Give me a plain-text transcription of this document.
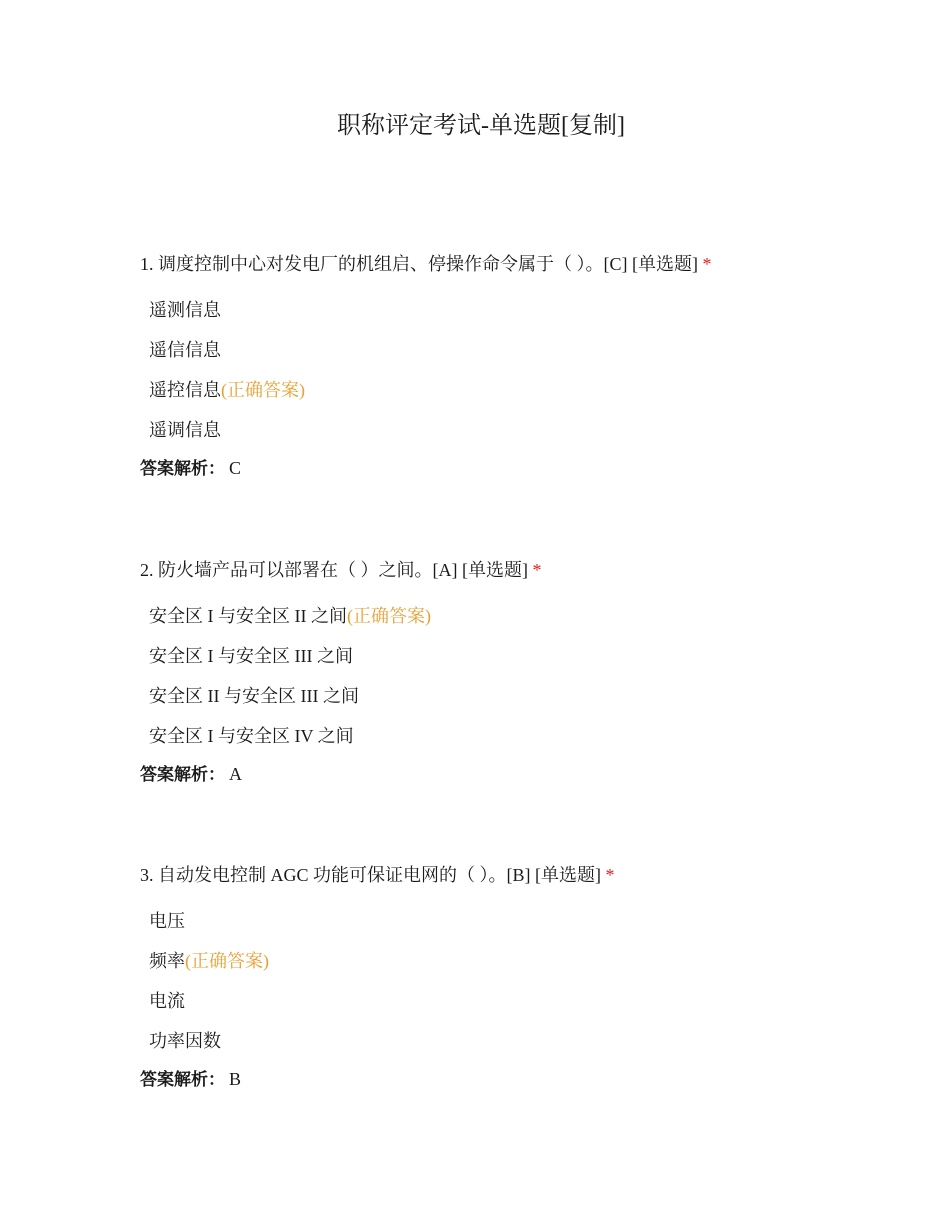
职称评定考试-单选题[复制]
1. 调度控制中心对发电厂的机组启、停操作命令属于（ ）。[C] [单选题] *
遥测信息
遥信信息
遥控信息(正确答案)
遥调信息
答案解析： C
2. 防火墙产品可以部署在（ ）之间。[A] [单选题] *
安全区 I 与安全区 II 之间(正确答案)
安全区 I 与安全区 III 之间
安全区 II 与安全区 III 之间
安全区 I 与安全区 IV 之间
答案解析： A
3. 自动发电控制 AGC 功能可保证电网的（ ）。[B] [单选题] *
电压
频率(正确答案)
电流
功率因数
答案解析： B
